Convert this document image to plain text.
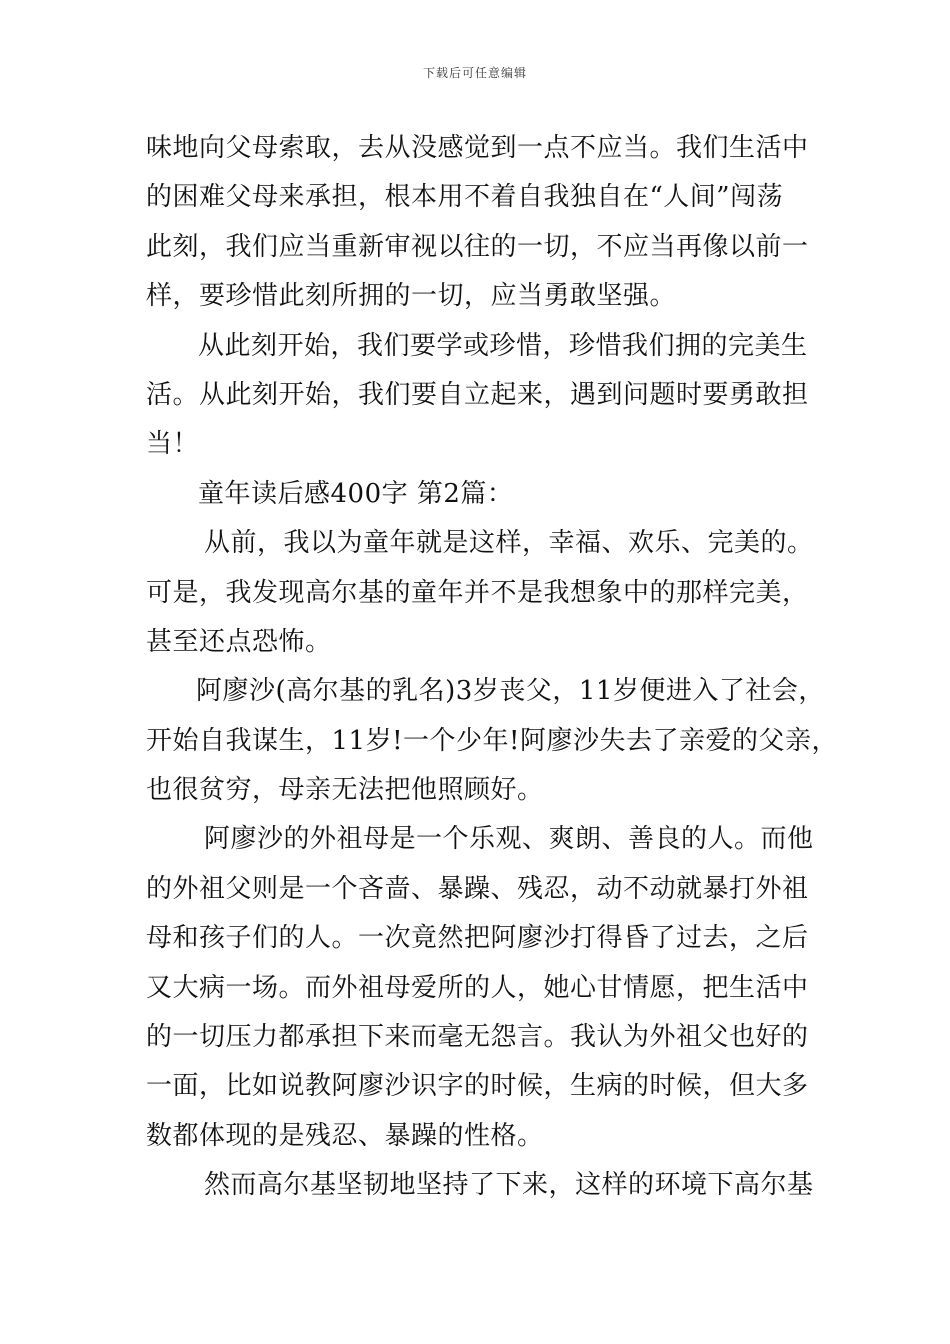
下载后可任意编辑
味地向父母索取，去从没感觉到一点不应当。我们生活中
的困难父母来承担，根本用不着自我独自在“人间”闯荡
此刻，我们应当重新审视以往的一切，不应当再像以前一
样，要珍惜此刻所拥的一切，应当勇敢坚强。
从此刻开始，我们要学或珍惜，珍惜我们拥的完美生
活。从此刻开始，我们要自立起来，遇到问题时要勇敢担
当！
童年读后感400字 第2篇：
从前，我以为童年就是这样，幸福、欢乐、完美的。
可是，我发现高尔基的童年并不是我想象中的那样完美，
甚至还点恐怖。
阿廖沙(高尔基的乳名)3岁丧父，11岁便进入了社会，
开始自我谋生，11岁!一个少年!阿廖沙失去了亲爱的父亲，
也很贫穷，母亲无法把他照顾好。
阿廖沙的外祖母是一个乐观、爽朗、善良的人。而他
的外祖父则是一个吝啬、暴躁、残忍，动不动就暴打外祖
母和孩子们的人。一次竟然把阿廖沙打得昏了过去，之后
又大病一场。而外祖母爱所的人，她心甘情愿，把生活中
的一切压力都承担下来而毫无怨言。我认为外祖父也好的
一面，比如说教阿廖沙识字的时候，生病的时候，但大多
数都体现的是残忍、暴躁的性格。
然而高尔基坚韧地坚持了下来，这样的环境下高尔基
